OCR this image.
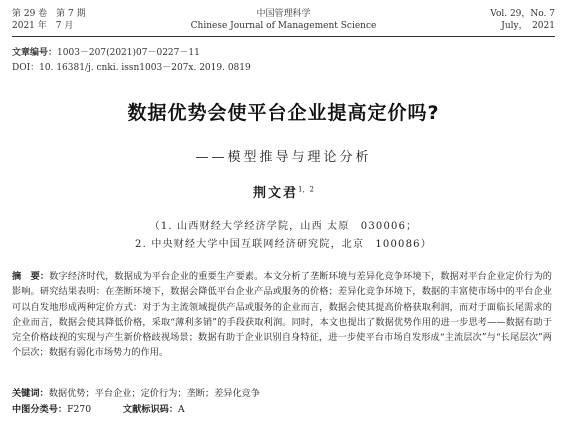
第 29 卷　第 7 期
2021 年　7 月
中国管理科学
Chinese Journal of Management Science
Vol. 29，No. 7
July，　2021
文章编号：1003－207(2021)07－0227－11
DOI：10. 16381/j. cnki. issn1003－207x. 2019. 0819
数据优势会使平台企业提高定价吗?
——模型推导与理论分析
荆文君$^{1,2}$
（1. 山西财经大学经济学院，山西 太原　030006；
2. 中央财经大学中国互联网经济研究院，北京　100086）
摘　要：数字经济时代，数据成为平台企业的重要生产要素。本文分析了垄断环境与差异化竞争环境下，数据对平台企业定价行为的影响。研究结果表明：在垄断环境下，数据会降低平台企业产品或服务的价格；差异化竞争环境下，数据的丰富使市场中的平台企业可以自发地形成两种定价方式：对于为主流领域提供产品或服务的企业而言，数据会使其提高价格获取利润，而对于面临长尾需求的企业而言，数据会使其降低价格，采取“薄利多销”的手段获取利润。同时，本文也提出了数据优势作用的进一步思考——数据有助于完全价格歧视的实现与产生新价格歧视场景；数据有助于企业识别自身特征，进一步使平台市场自发形成“主流层次”与“长尾层次”两个层次；数据有弱化市场势力的作用。
关键词：数据优势；平台企业；定价行为；垄断；差异化竞争
中图分类号：F270	文献标识码：A
